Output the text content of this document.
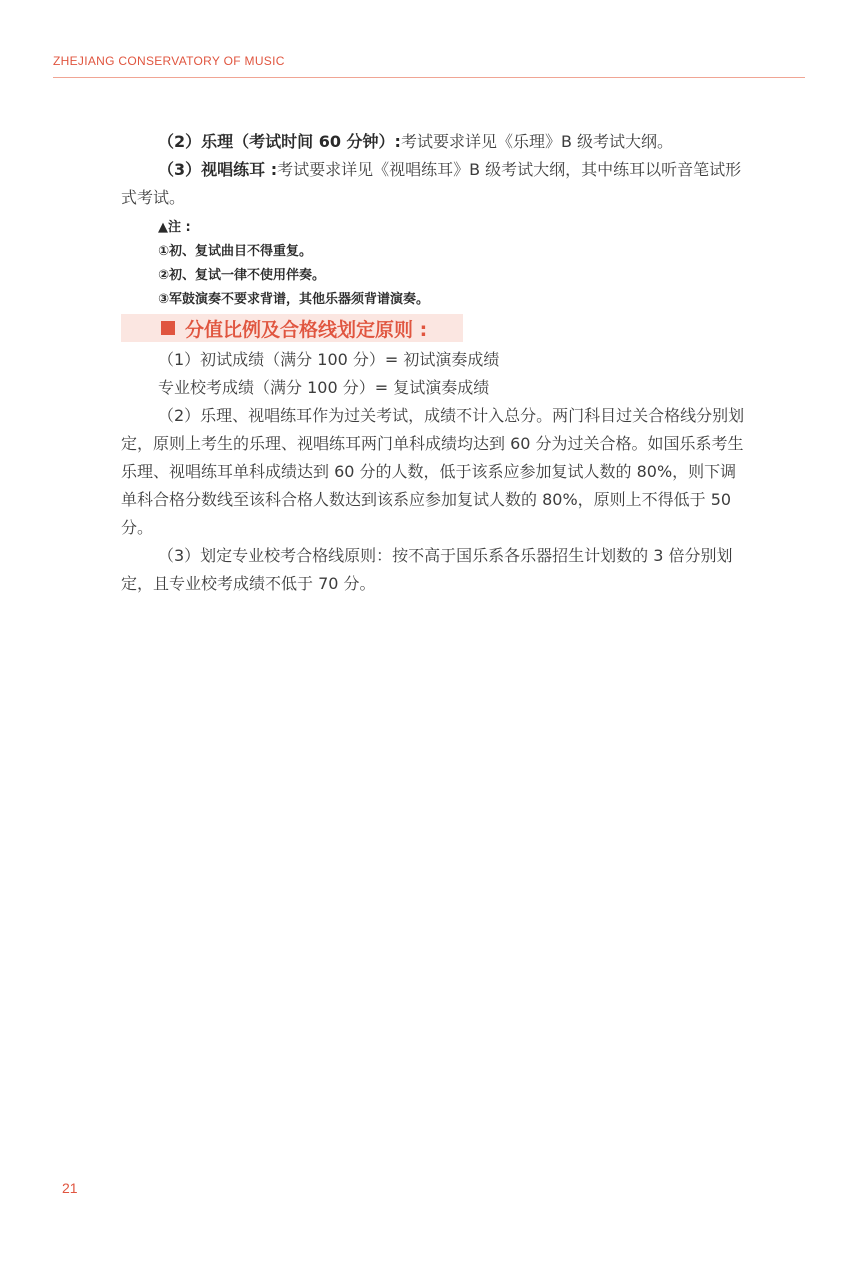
ZHEJIANG CONSERVATORY OF MUSIC

（2）乐理（考试时间 60 分钟）:考试要求详见《乐理》B 级考试大纲。

（3）视唱练耳 :考试要求详见《视唱练耳》B 级考试大纲，其中练耳以听音笔试形式考试。

▲注 :
①初、复试曲目不得重复。
②初、复试一律不使用伴奏。
③军鼓演奏不要求背谱，其他乐器须背谱演奏。
分值比例及合格线划定原则 :

（1）初试成绩（满分 100 分）= 初试演奏成绩

专业校考成绩（满分 100 分）= 复试演奏成绩

（2）乐理、视唱练耳作为过关考试，成绩不计入总分。两门科目过关合格线分别划定，原则上考生的乐理、视唱练耳两门单科成绩均达到 60 分为过关合格。如国乐系考生乐理、视唱练耳单科成绩达到 60 分的人数，低于该系应参加复试人数的 80%，则下调单科合格分数线至该科合格人数达到该系应参加复试人数的 80%，原则上不得低于 50 分。

（3）划定专业校考合格线原则：按不高于国乐系各乐器招生计划数的 3 倍分别划定，且专业校考成绩不低于 70 分。

21
